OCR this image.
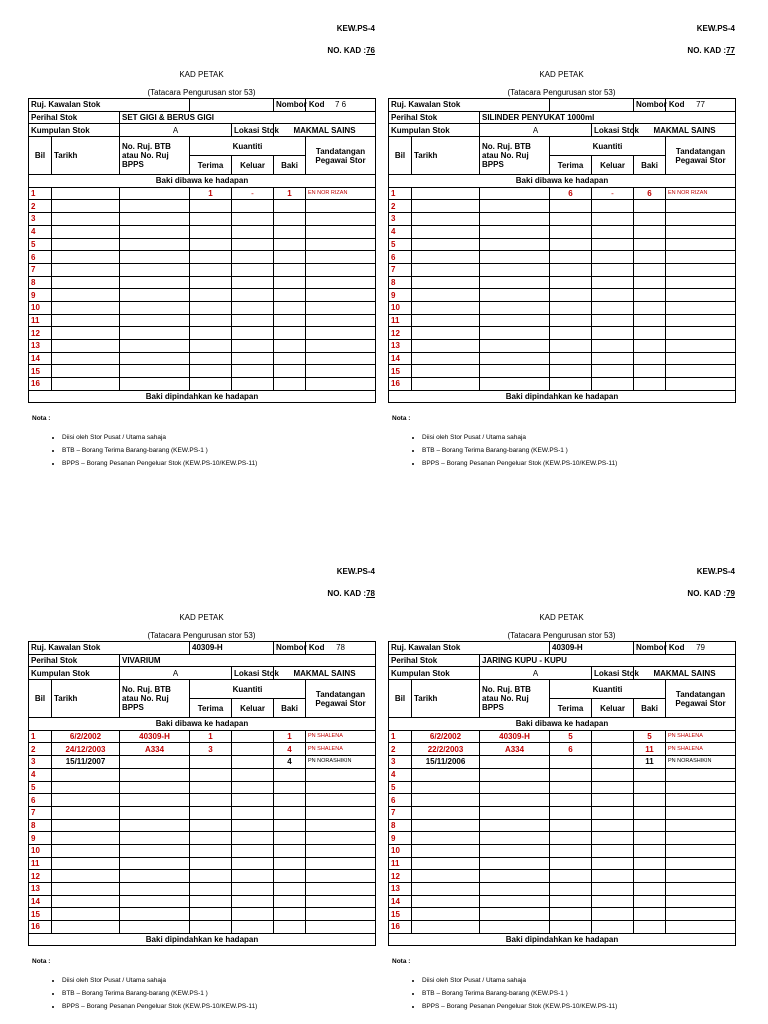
KEW.PS-4
NO. KAD :76
KAD PETAK
(Tatacara Pengurusan stor 53)
Ruj. Kawalan Stok					Nombor Kod	7 6
Perihal Stok		SET GIGI & BERUS GIGI				
Kumpulan Stok		A		Lokasi Stok	MAKMAL SAINS	
Bil	Tarikh	No. Ruj. BTB atau No. Ruj BPPS	Kuantiti			Tandatangan Pegawai Stor
			Terima	Keluar	Baki	
Baki dibawa ke hadapan						
1			1	-	1	EN NOR RIZAN
2						
3						
4						
5						
6						
7						
8						
9						
10						
11						
12						
13						
14						
15						
16						
Baki dipindahkan ke hadapan						
Nota :
• Diisi oleh Stor Pusat / Utama sahaja
• BTB – Borang Terima Barang-barang (KEW.PS-1 )
• BPPS – Borang Pesanan Pengeluar Stok (KEW.PS-10/KEW.PS-11)
KEW.PS-4
NO. KAD :77
KAD PETAK
(Tatacara Pengurusan stor 53)
Ruj. Kawalan Stok					Nombor Kod	77
Perihal Stok		SILINDER PENYUKAT 1000ml				
Kumpulan Stok		A		Lokasi Stok	MAKMAL SAINS	
Bil	Tarikh	No. Ruj. BTB atau No. Ruj BPPS	Kuantiti			Tandatangan Pegawai Stor
			Terima	Keluar	Baki	
Baki dibawa ke hadapan						
1			6	-	6	EN NOR RIZAN
2						
3						
4						
5						
6						
7						
8						
9						
10						
11						
12						
13						
14						
15						
16						
Baki dipindahkan ke hadapan						
Nota :
• Diisi oleh Stor Pusat / Utama sahaja
• BTB – Borang Terima Barang-barang (KEW.PS-1 )
• BPPS – Borang Pesanan Pengeluar Stok (KEW.PS-10/KEW.PS-11)
KEW.PS-4
NO. KAD :78
KAD PETAK
(Tatacara Pengurusan stor 53)
Ruj. Kawalan Stok			40309-H		Nombor Kod	78
Perihal Stok		VIVARIUM				
Kumpulan Stok		A		Lokasi Stok	MAKMAL SAINS	
Bil	Tarikh	No. Ruj. BTB atau No. Ruj BPPS	Kuantiti			Tandatangan Pegawai Stor
			Terima	Keluar	Baki	
Baki dibawa ke hadapan						
1	6/2/2002	40309-H	1		1	PN SHALENA
2	24/12/2003	A334	3		4	PN SHALENA
3	15/11/2007				4	PN NORASHIKIN
4						
5						
6						
7						
8						
9						
10						
11						
12						
13						
14						
15						
16						
Baki dipindahkan ke hadapan						
Nota :
• Diisi oleh Stor Pusat / Utama sahaja
• BTB – Borang Terima Barang-barang (KEW.PS-1 )
• BPPS – Borang Pesanan Pengeluar Stok (KEW.PS-10/KEW.PS-11)
KEW.PS-4
NO. KAD :79
KAD PETAK
(Tatacara Pengurusan stor 53)
Ruj. Kawalan Stok			40309-H		Nombor Kod	79
Perihal Stok		JARING KUPU - KUPU				
Kumpulan Stok		A		Lokasi Stok	MAKMAL SAINS	
Bil	Tarikh	No. Ruj. BTB atau No. Ruj BPPS	Kuantiti			Tandatangan Pegawai Stor
			Terima	Keluar	Baki	
Baki dibawa ke hadapan						
1	6/2/2002	40309-H	5		5	PN SHALENA
2	22/2/2003	A334	6		11	PN SHALENA
3	15/11/2006				11	PN NORASHIKIN
4						
5						
6						
7						
8						
9						
10						
11						
12						
13						
14						
15						
16						
Baki dipindahkan ke hadapan						
Nota :
• Diisi oleh Stor Pusat / Utama sahaja
• BTB – Borang Terima Barang-barang (KEW.PS-1 )
• BPPS – Borang Pesanan Pengeluar Stok (KEW.PS-10/KEW.PS-11)
